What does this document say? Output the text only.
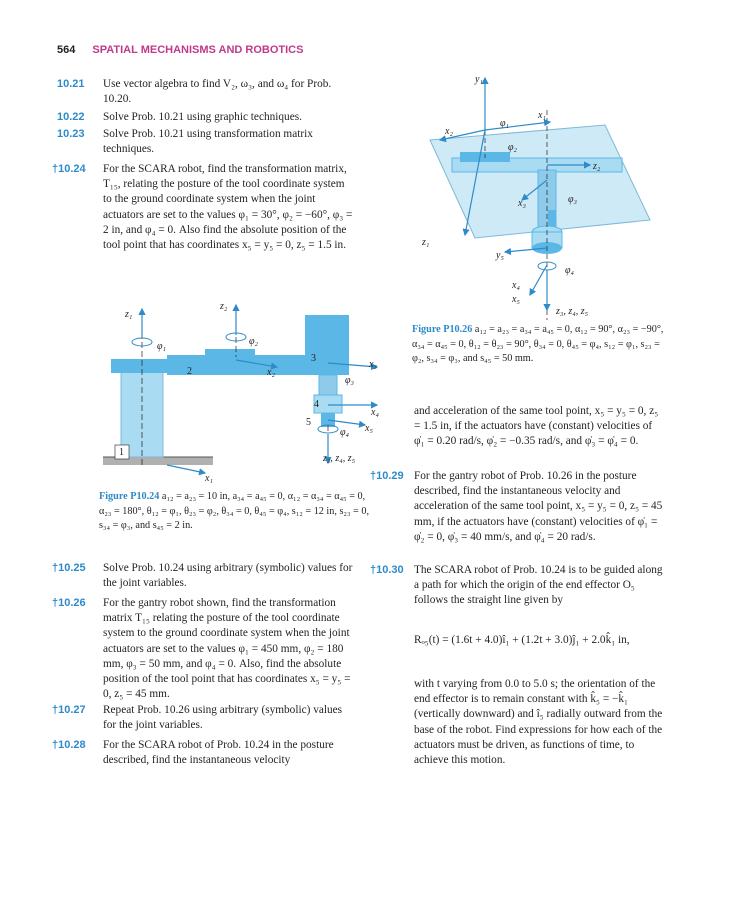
564 SPATIAL MECHANISMS AND ROBOTICS
10.21 Use vector algebra to find V₂, ω₃, and ω₄ for Prob. 10.20.
10.22 Solve Prob. 10.21 using graphic techniques.
10.23 Solve Prob. 10.21 using transformation matrix techniques.
†10.24 For the SCARA robot, find the transformation matrix, T₁₅, relating the posture of the tool coordinate system to the ground coordinate system when the joint actuators are set to the values φ₁ = 30°, φ₂ = −60°, φ₃ = 2 in, and φ₄ = 0. Also find the absolute position of the tool point that has coordinates x₅ = y₅ = 0, z₅ = 1.5 in.
1
2
3
4
5
z₁
z₂
x₁
x₂
x₃
x₄
x₅
z₃, z₄, z₅
φ₁	φ₂
φ₃
φ₄
Figure P10.24 a₁₂ = a₂₃ = 10 in, a₃₄ = a₄₅ = 0, α₁₂ = α₃₄ = α₄₅ = 0, α₂₃ = 180°, θ₁₂ = φ₁, θ₂₃ = φ₂, θ₃₄ = 0, θ₄₅ = φ₄, s₁₂ = 12 in, s₂₃ = 0, s₃₄ = φ₃, and s₄₅ = 2 in.
†10.25 Solve Prob. 10.24 using arbitrary (symbolic) values for the joint variables.
†10.26 For the gantry robot shown, find the transformation matrix T₁₅ relating the posture of the tool coordinate system to the ground coordinate system when the joint actuators are set to the values φ₁ = 450 mm, φ₂ = 180 mm, φ₃ = 50 mm, and φ₄ = 0. Also, find the absolute position of the tool point that has coordinates x₅ = y₅ = 0, z₅ = 45 mm.
†10.27 Repeat Prob. 10.26 using arbitrary (symbolic) values for the joint variables.
†10.28 For the SCARA robot of Prob. 10.24 in the posture described, find the instantaneous velocity
y₁
x₂
z₁
x₁
φ₁
φ₂
z₂
x₃	φ₃
y₅
φ₄
x₄
x₅
z₃, z₄, z₅
Figure P10.26 a₁₂ = a₂₃ = a₃₄ = a₄₅ = 0, α₁₂ = 90°, α₂₃ = −90°, α₃₄ = α₄₅ = 0, θ₁₂ = θ₂₃ = 90°, θ₃₄ = 0, θ₄₅ = φ₄, s₁₂ = φ₁, s₂₃ = φ₂, s₃₄ = φ₃, and s₄₅ = 50 mm.
and acceleration of the same tool point, x₅ = y₅ = 0, z₅ = 1.5 in, if the actuators have (constant) velocities of φ̇₁ = 0.20 rad/s, φ̇₂ = −0.35 rad/s, and φ̇₃ = φ̇₄ = 0.
†10.29 For the gantry robot of Prob. 10.26 in the posture described, find the instantaneous velocity and acceleration of the same tool point, x₅ = y₅ = 0, z₅ = 45 mm, if the actuators have (constant) velocities of φ̇₁ = φ̇₂ = 0, φ̇₃ = 40 mm/s, and φ̇₄ = 20 rad/s.
†10.30 The SCARA robot of Prob. 10.24 is to be guided along a path for which the origin of the end effector O₅ follows the straight line given by
Rₒ₅(t) = (1.6t + 4.0)î₁ + (1.2t + 3.0)ĵ₁ + 2.0k̂₁ in,
with t varying from 0.0 to 5.0 s; the orientation of the end effector is to remain constant with k̂₅ = −k̂₁ (vertically downward) and î₅ radially outward from the base of the robot. Find expressions for how each of the actuators must be driven, as functions of time, to achieve this motion.
